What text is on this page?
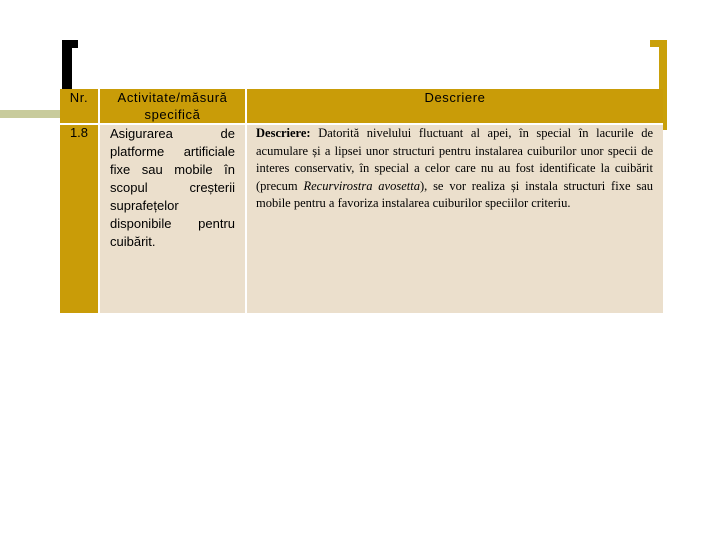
Nr.	Activitate/măsură specifică	Descriere
1.8	Asigurarea de platforme artificiale fixe sau mobile în scopul creșterii suprafețelor disponibile pentru cuibărit.	Descriere: Datorită nivelului fluctuant al apei, în special în lacurile de acumulare și a lipsei unor structuri pentru instalarea cuiburilor unor specii de interes conservativ, în special a celor care nu au fost identificate la cuibărit (precum Recurvirostra avosetta), se vor realiza și instala structuri fixe sau mobile pentru a favoriza instalarea cuiburilor speciilor criteriu.
